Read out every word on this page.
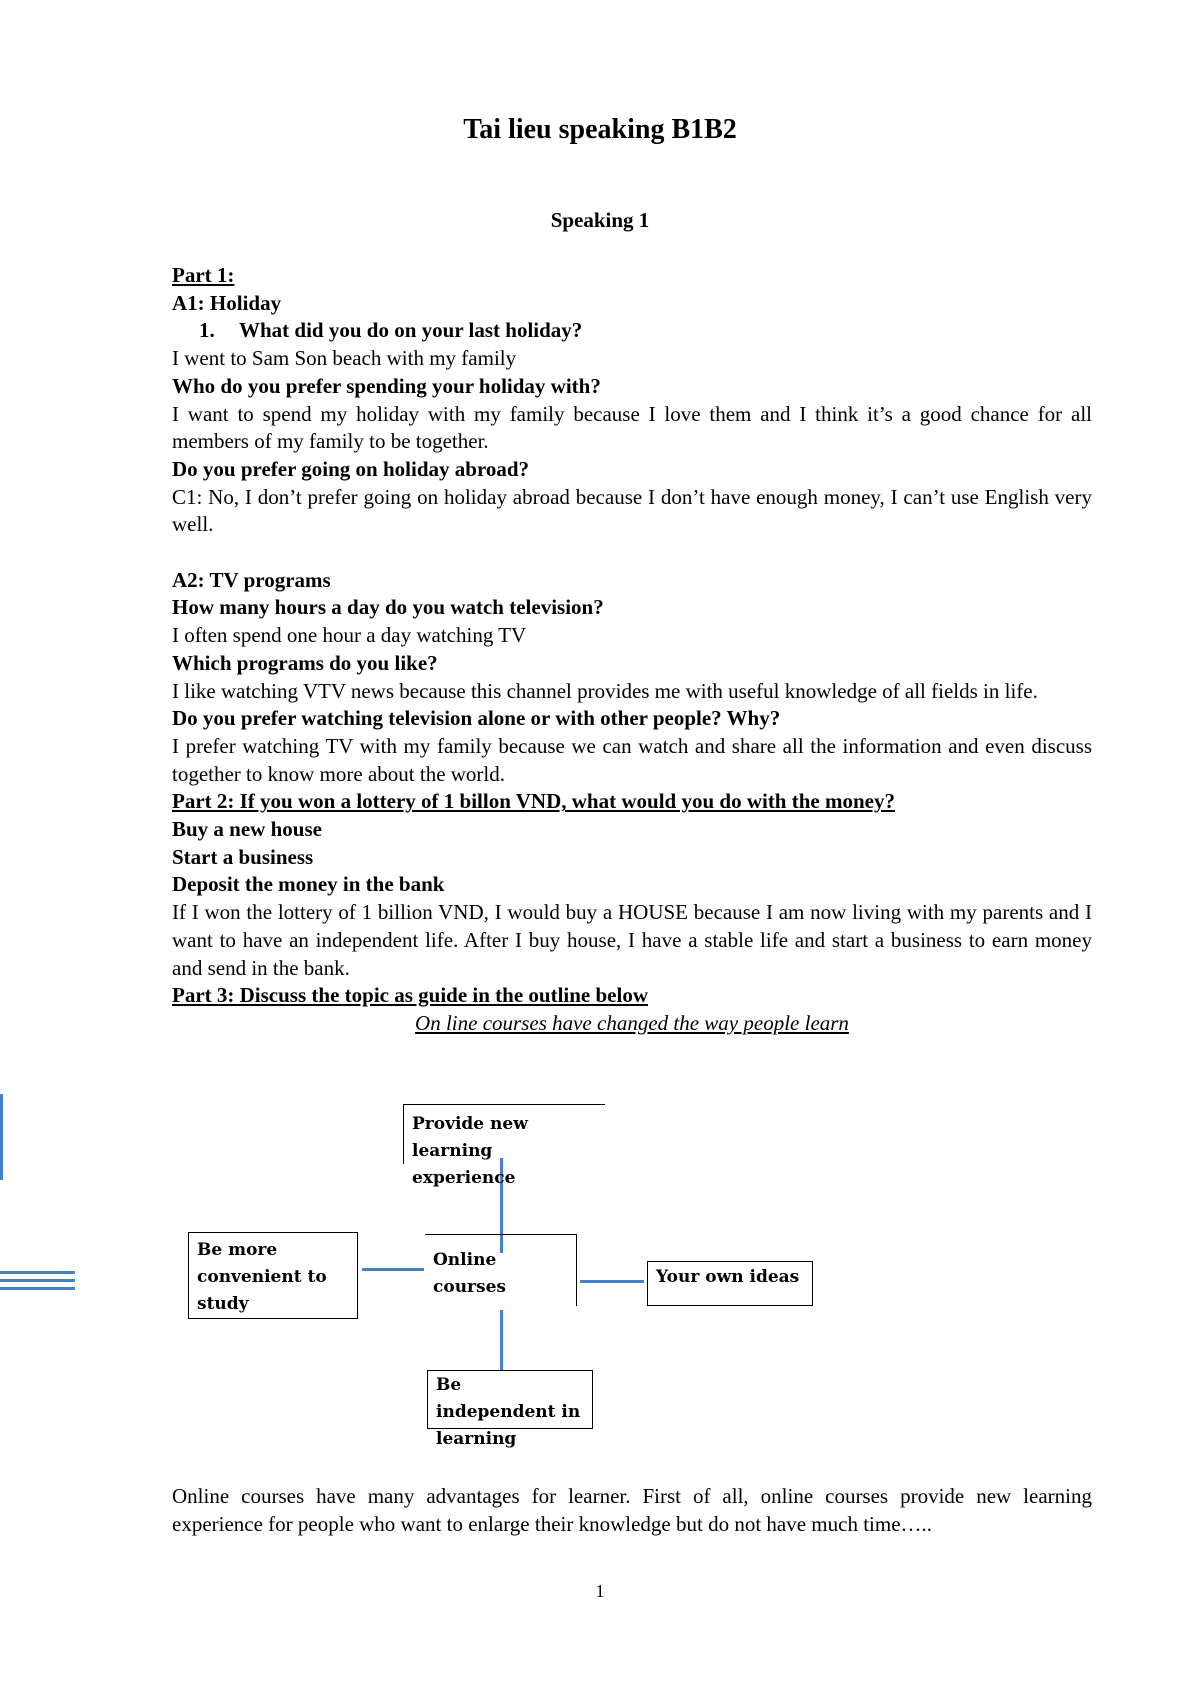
Tai lieu speaking B1B2
Speaking 1

Part 1:

A1: Holiday

1. What did you do on your last holiday?

I went to Sam Son beach with my family

Who do you prefer spending your holiday with?

I want to spend my holiday with my family because I love them and I think it’s a good chance for all members of my family to be together.

Do you prefer going on holiday abroad?

C1: No, I don’t prefer going on holiday abroad because I don’t have enough money, I can’t use English very well.

A2: TV programs

How many hours a day do you watch television?

I often spend one hour a day watching TV

Which programs do you like?

I like watching VTV news because this channel provides me with useful knowledge of all fields in life.

Do you prefer watching television alone or with other people? Why?

I prefer watching TV with my family because we can watch and share all the information and even discuss together to know more about the world.

Part 2: If you won a lottery of 1 billon VND, what would you do with the money?

Buy a new house

Start a business

Deposit the money in the bank

If I won the lottery of 1 billion VND, I would buy a HOUSE because I am now living with my parents and I want to have an independent life. After I buy house, I have a stable life and start a business to earn money and send in the bank.

Part 3: Discuss the topic as guide in the outline below

On line courses have changed the way people learn

Provide new learning experience
Online courses
Be more convenient to study
Your own ideas
Be independent in learning

Online courses have many advantages for learner. First of all, online courses provide new learning experience for people who want to enlarge their knowledge but do not have much time…..

1
